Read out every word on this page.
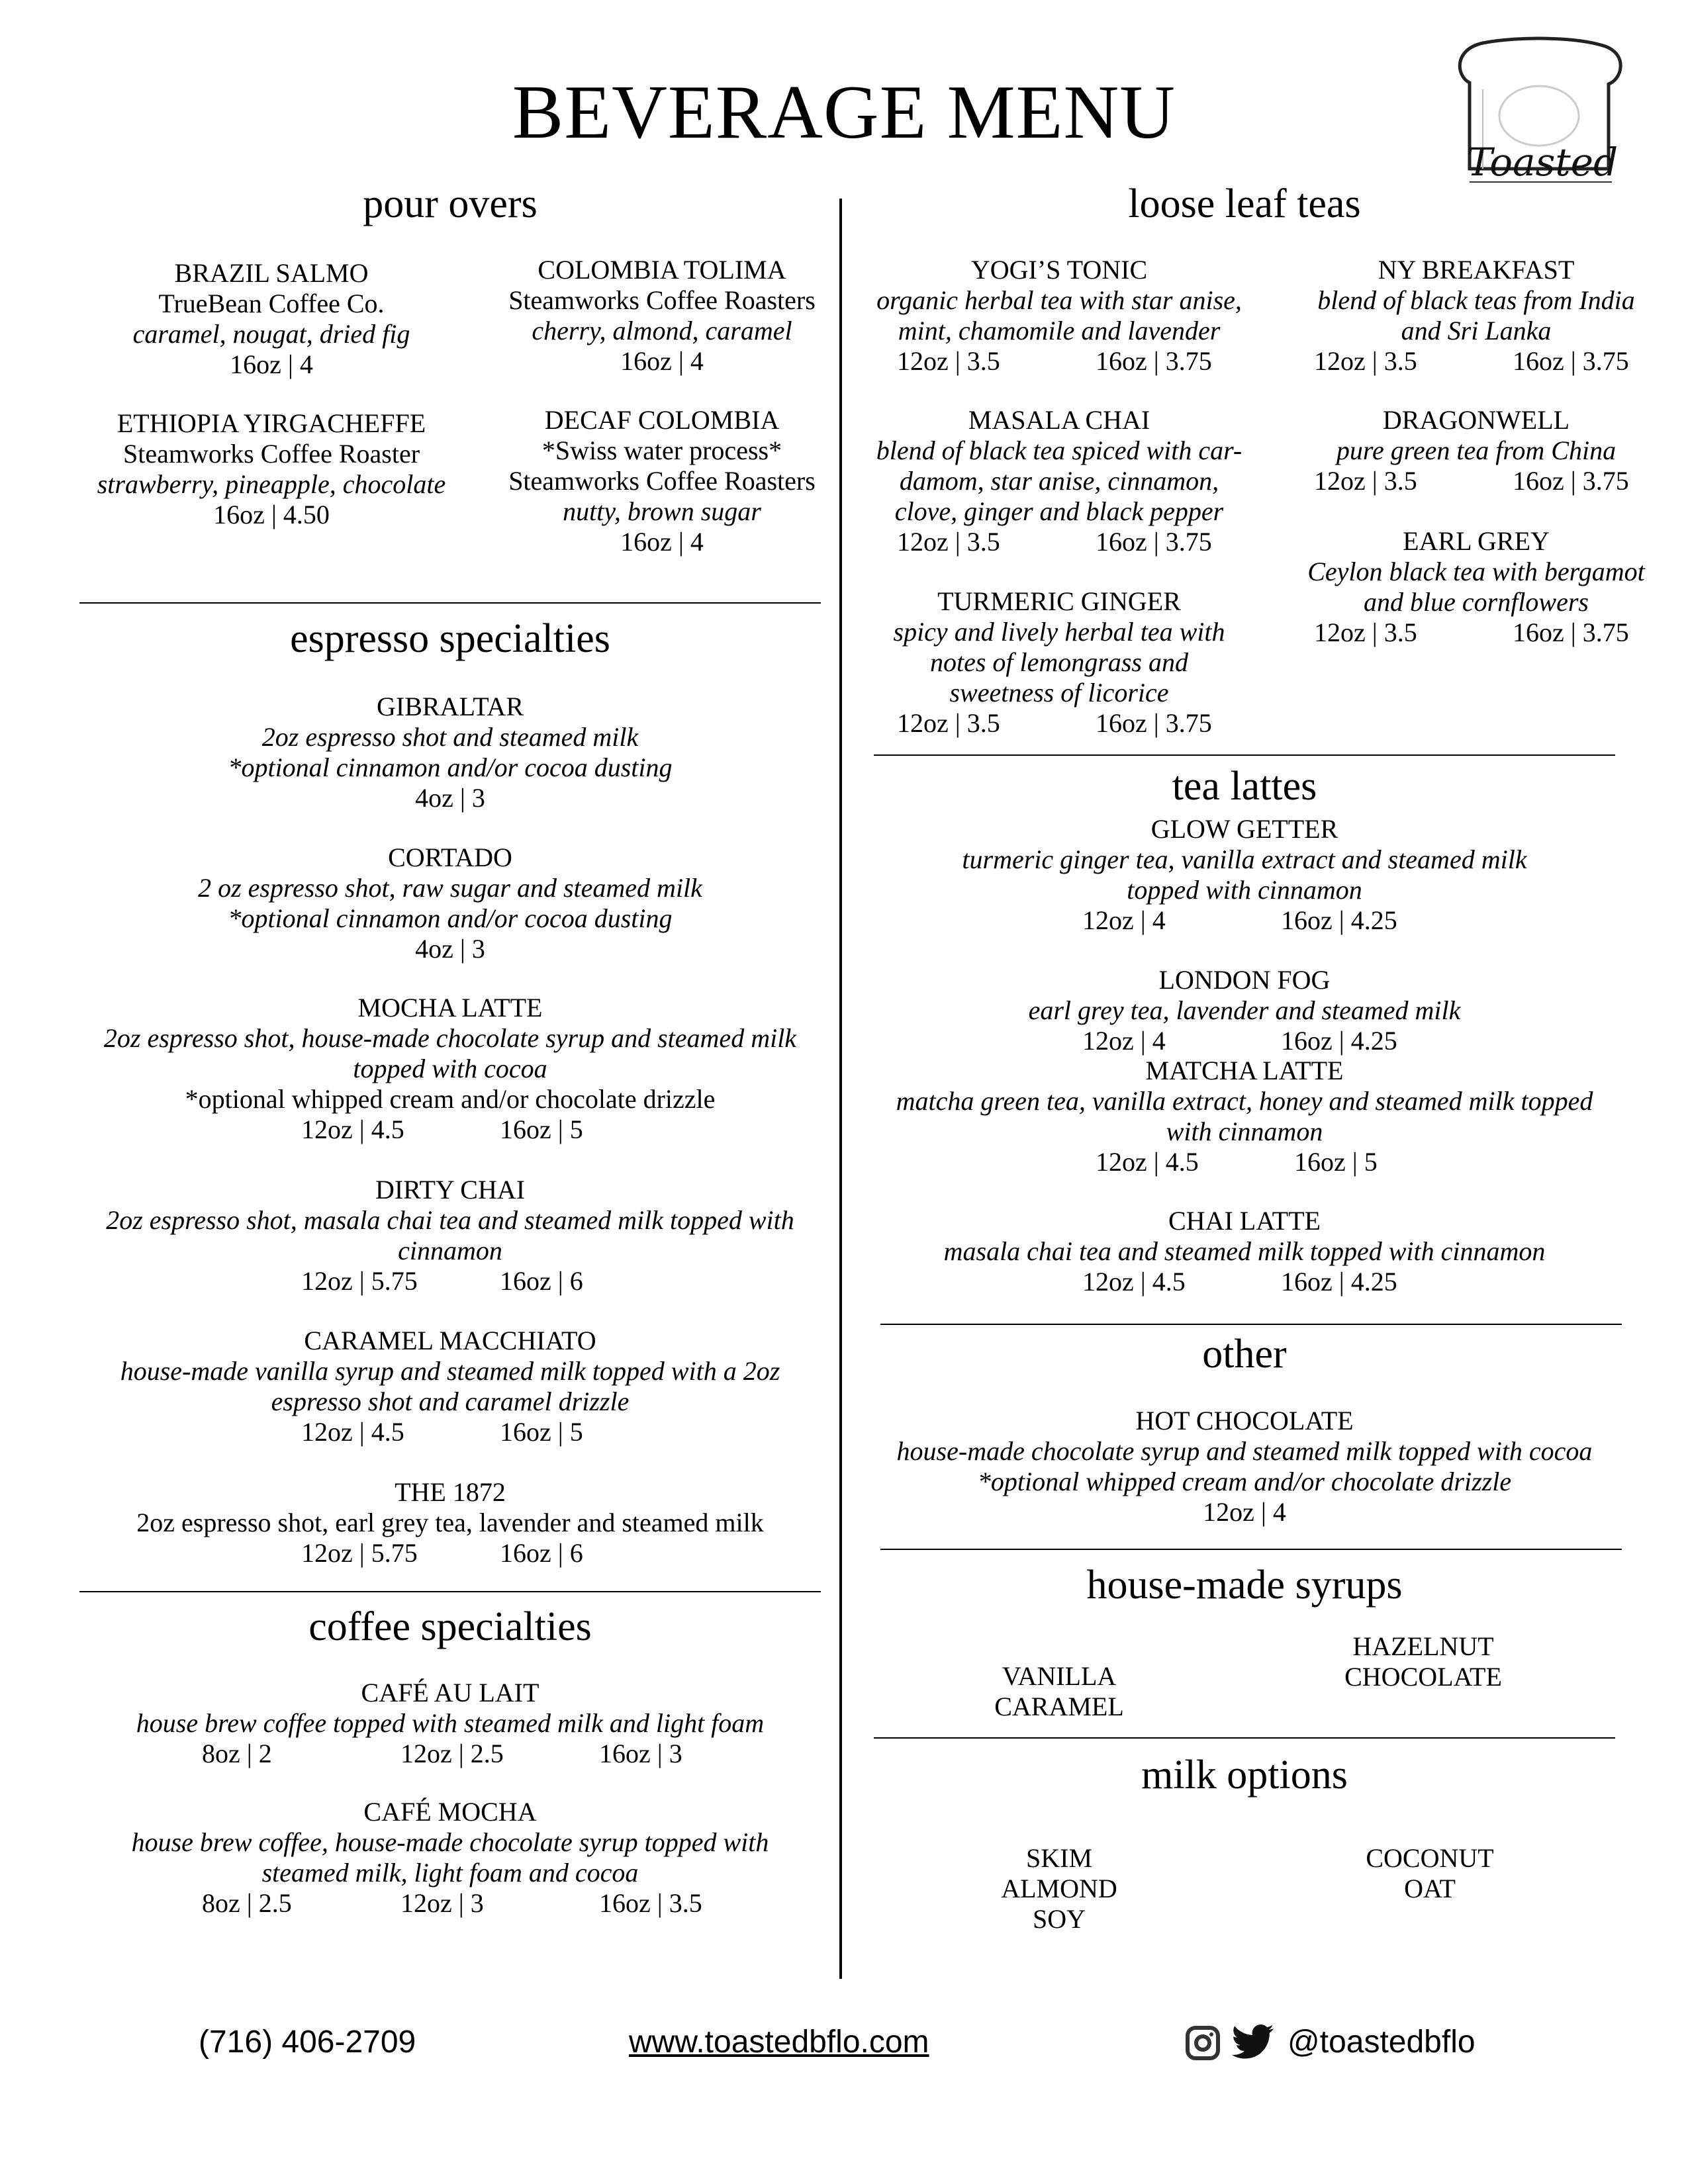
BEVERAGE MENU
Toasted
pour overs
BRAZIL SALMO
TrueBean Coffee Co.
caramel, nougat, dried fig
16oz | 4
COLOMBIA TOLIMA
Steamworks Coffee Roasters
cherry, almond, caramel
16oz | 4
ETHIOPIA YIRGACHEFFE
Steamworks Coffee Roaster
strawberry, pineapple, chocolate
16oz | 4.50
DECAF COLOMBIA
*Swiss water process*
Steamworks Coffee Roasters
nutty, brown sugar
16oz | 4
espresso specialties
GIBRALTAR
2oz espresso shot and steamed milk
*optional cinnamon and/or cocoa dusting
4oz | 3
CORTADO
2 oz espresso shot, raw sugar and steamed milk
*optional cinnamon and/or cocoa dusting
4oz | 3
MOCHA LATTE
2oz espresso shot, house-made chocolate syrup and steamed milk
topped with cocoa
*optional whipped cream and/or chocolate drizzle
12oz | 4.5	16oz | 5
DIRTY CHAI
2oz espresso shot, masala chai tea and steamed milk topped with
cinnamon
12oz | 5.75	16oz | 6
CARAMEL MACCHIATO
house-made vanilla syrup and steamed milk topped with a 2oz
espresso shot and caramel drizzle
12oz | 4.5	16oz | 5
THE 1872
2oz espresso shot, earl grey tea, lavender and steamed milk
12oz | 5.75	16oz | 6
coffee specialties
CAFÉ AU LAIT
house brew coffee topped with steamed milk and light foam
8oz | 2	12oz | 2.5	16oz | 3
CAFÉ MOCHA
house brew coffee, house-made chocolate syrup topped with
steamed milk, light foam and cocoa
8oz | 2.5	12oz | 3	16oz | 3.5
loose leaf teas
YOGI’S TONIC
organic herbal tea with star anise,
mint, chamomile and lavender
12oz | 3.5	16oz | 3.75
NY BREAKFAST
blend of black teas from India
and Sri Lanka
12oz | 3.5	16oz | 3.75
MASALA CHAI
blend of black tea spiced with car-
damom, star anise, cinnamon,
clove, ginger and black pepper
12oz | 3.5	16oz | 3.75
DRAGONWELL
pure green tea from China
12oz | 3.5	16oz | 3.75
EARL GREY
Ceylon black tea with bergamot
and blue cornflowers
12oz | 3.5	16oz | 3.75
TURMERIC GINGER
spicy and lively herbal tea with
notes of lemongrass and
sweetness of licorice
12oz | 3.5	16oz | 3.75
tea lattes
GLOW GETTER
turmeric ginger tea, vanilla extract and steamed milk
topped with cinnamon
12oz | 4	16oz | 4.25
LONDON FOG
earl grey tea, lavender and steamed milk
12oz | 4	16oz | 4.25
MATCHA LATTE
matcha green tea, vanilla extract, honey and steamed milk topped
with cinnamon
12oz | 4.5	16oz | 5
CHAI LATTE
masala chai tea and steamed milk topped with cinnamon
12oz | 4.5	16oz | 4.25
other
HOT CHOCOLATE
house-made chocolate syrup and steamed milk topped with cocoa
*optional whipped cream and/or chocolate drizzle
12oz | 4
house-made syrups
VANILLA
CARAMEL
HAZELNUT
CHOCOLATE
milk options
SKIM
ALMOND
SOY
COCONUT
OAT
(716) 406-2709	www.toastedbflo.com	@toastedbflo
